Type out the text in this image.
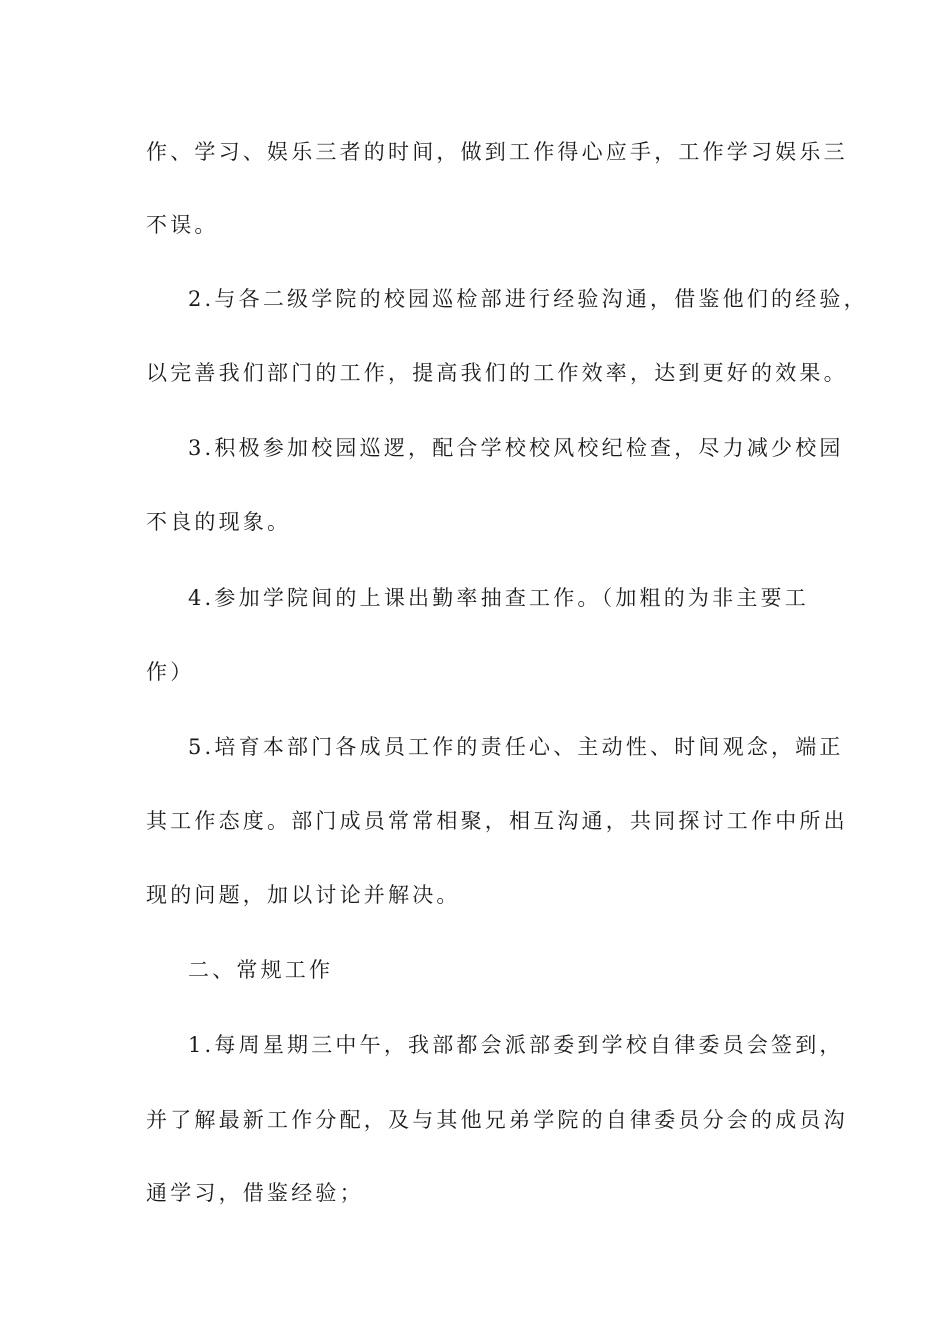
作、学习、娱乐三者的时间，做到工作得心应手，工作学习娱乐三

不误。

2.与各二级学院的校园巡检部进行经验沟通，借鉴他们的经验，

以完善我们部门的工作，提高我们的工作效率，达到更好的效果。

3.积极参加校园巡逻，配合学校校风校纪检查，尽力减少校园

不良的现象。

4.参加学院间的上课出勤率抽查工作。（加粗的为非主要工

作）

5.培育本部门各成员工作的责任心、主动性、时间观念，端正

其工作态度。部门成员常常相聚，相互沟通，共同探讨工作中所出

现的问题，加以讨论并解决。

二、常规工作

1.每周星期三中午，我部都会派部委到学校自律委员会签到，

并了解最新工作分配，及与其他兄弟学院的自律委员分会的成员沟

通学习，借鉴经验；
